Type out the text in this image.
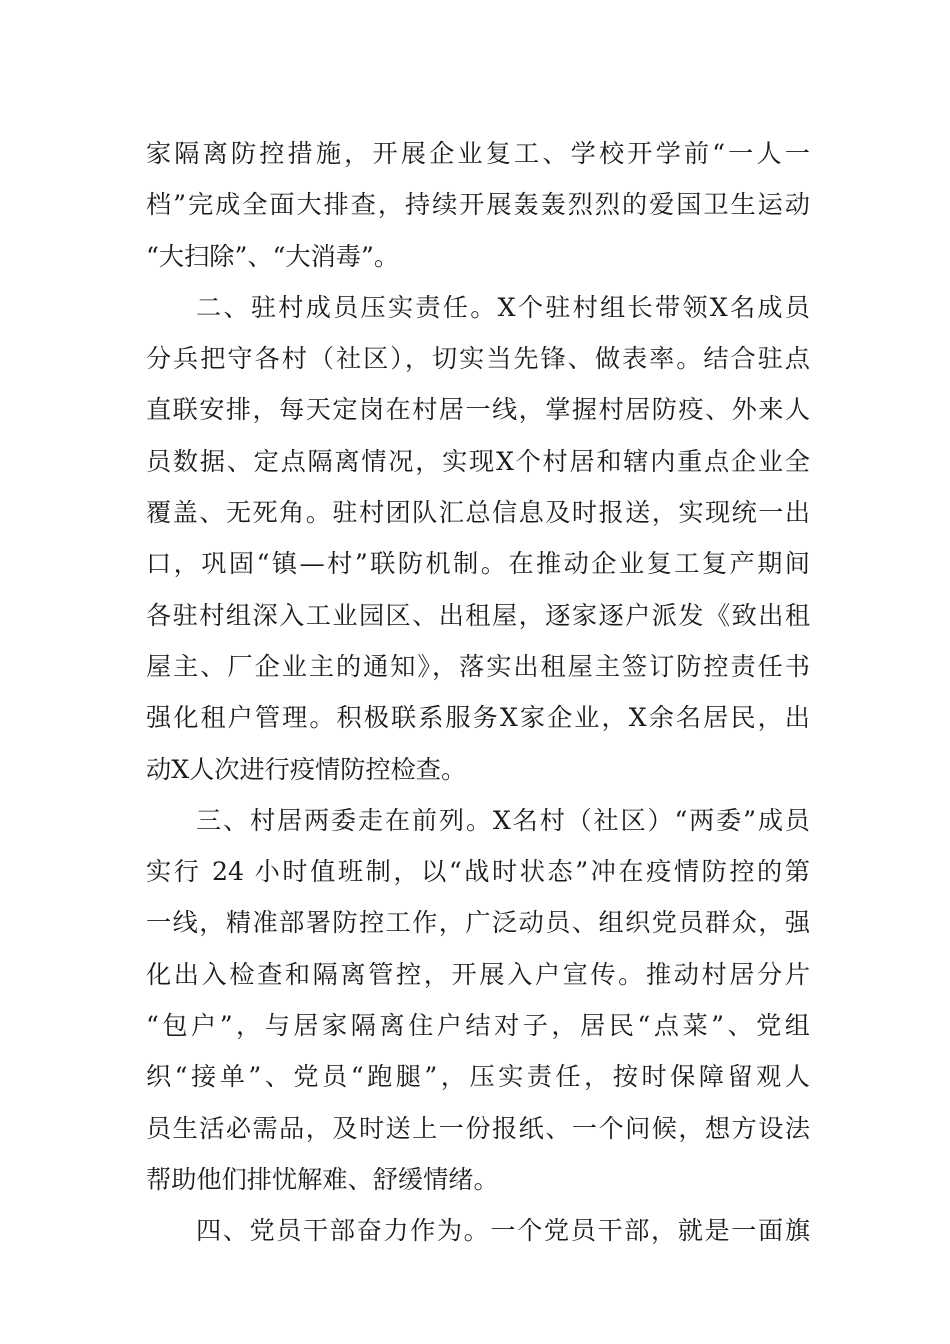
家隔离防控措施，开展企业复工、学校开学前“一人一
档”完成全面大排查，持续开展轰轰烈烈的爱国卫生运动
“大扫除”、“大消毒”。
二、驻村成员压实责任。X个驻村组长带领X名成员
分兵把守各村（社区），切实当先锋、做表率。结合驻点
直联安排，每天定岗在村居一线，掌握村居防疫、外来人
员数据、定点隔离情况，实现X个村居和辖内重点企业全
覆盖、无死角。驻村团队汇总信息及时报送，实现统一出
口，巩固“镇—村”联防机制。在推动企业复工复产期间
各驻村组深入工业园区、出租屋，逐家逐户派发《致出租
屋主、厂企业主的通知》，落实出租屋主签订防控责任书
强化租户管理。积极联系服务X家企业，X余名居民，出
动X人次进行疫情防控检查。
三、村居两委走在前列。X名村（社区）“两委”成员
实行 24 小时值班制，以“战时状态”冲在疫情防控的第
一线，精准部署防控工作，广泛动员、组织党员群众，强
化出入检查和隔离管控，开展入户宣传。推动村居分片
“包户”，与居家隔离住户结对子，居民“点菜”、党组
织“接单”、党员“跑腿”，压实责任，按时保障留观人
员生活必需品，及时送上一份报纸、一个问候，想方设法
帮助他们排忧解难、舒缓情绪。
四、党员干部奋力作为。一个党员干部，就是一面旗
